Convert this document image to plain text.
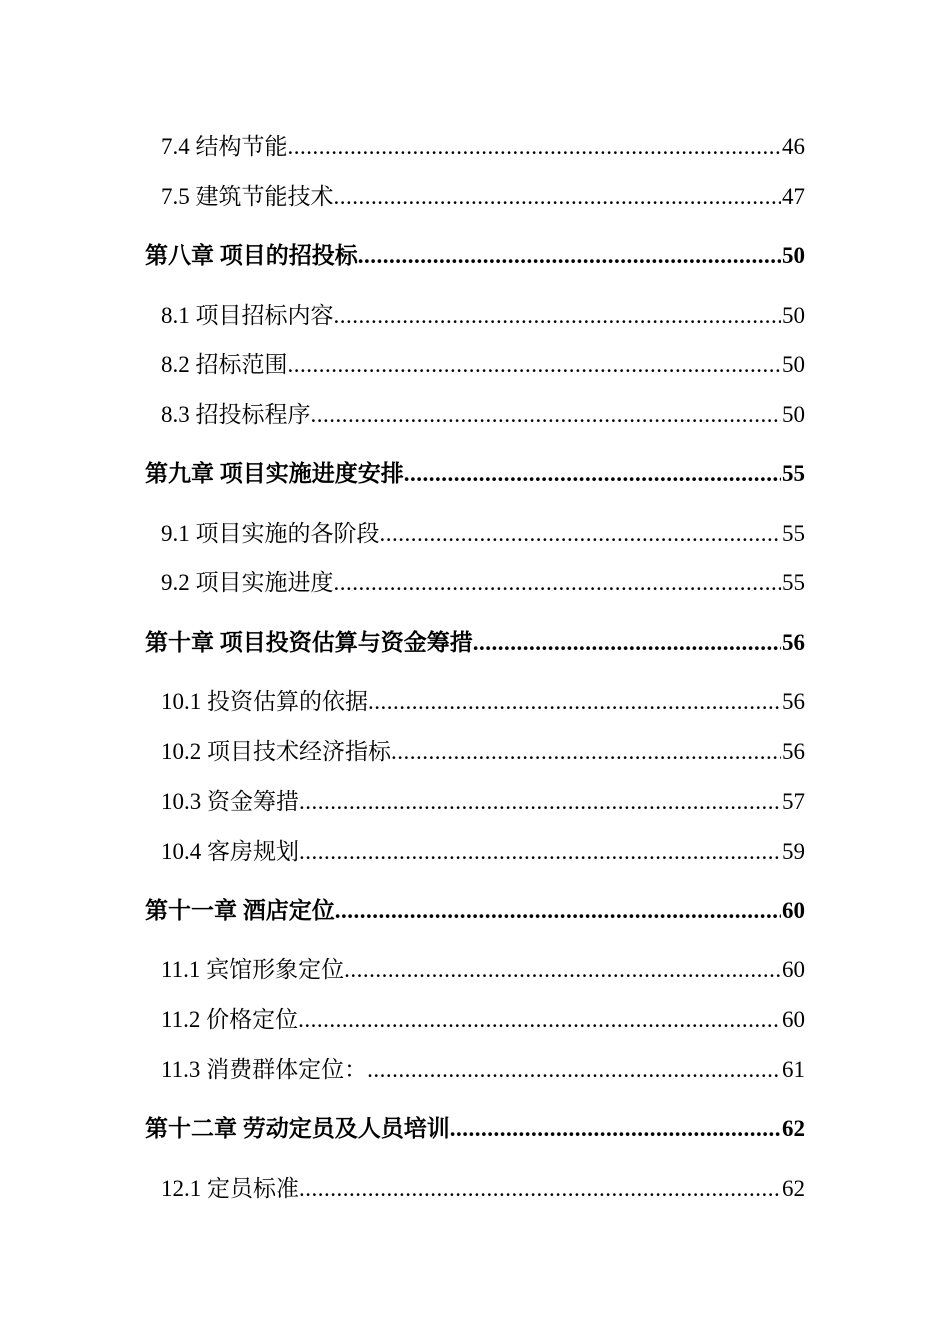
7.4 结构节能 .....	46
7.5 建筑节能技术 .....	47
第八章 项目的招投标 .....	50
8.1 项目招标内容 .....	50
8.2 招标范围 .....	50
8.3 招投标程序 .....	50
第九章 项目实施进度安排 .....	55
9.1 项目实施的各阶段 .....	55
9.2 项目实施进度 .....	55
第十章 项目投资估算与资金筹措 .....	56
10.1 投资估算的依据 .....	56
10.2 项目技术经济指标 .....	56
10.3 资金筹措 .....	57
10.4 客房规划 .....	59
第十一章 酒店定位 .....	60
11.1 宾馆形象定位 .....	60
11.2 价格定位 .....	60
11.3 消费群体定位： .....	61
第十二章 劳动定员及人员培训 .....	62
12.1 定员标准 .....	62
